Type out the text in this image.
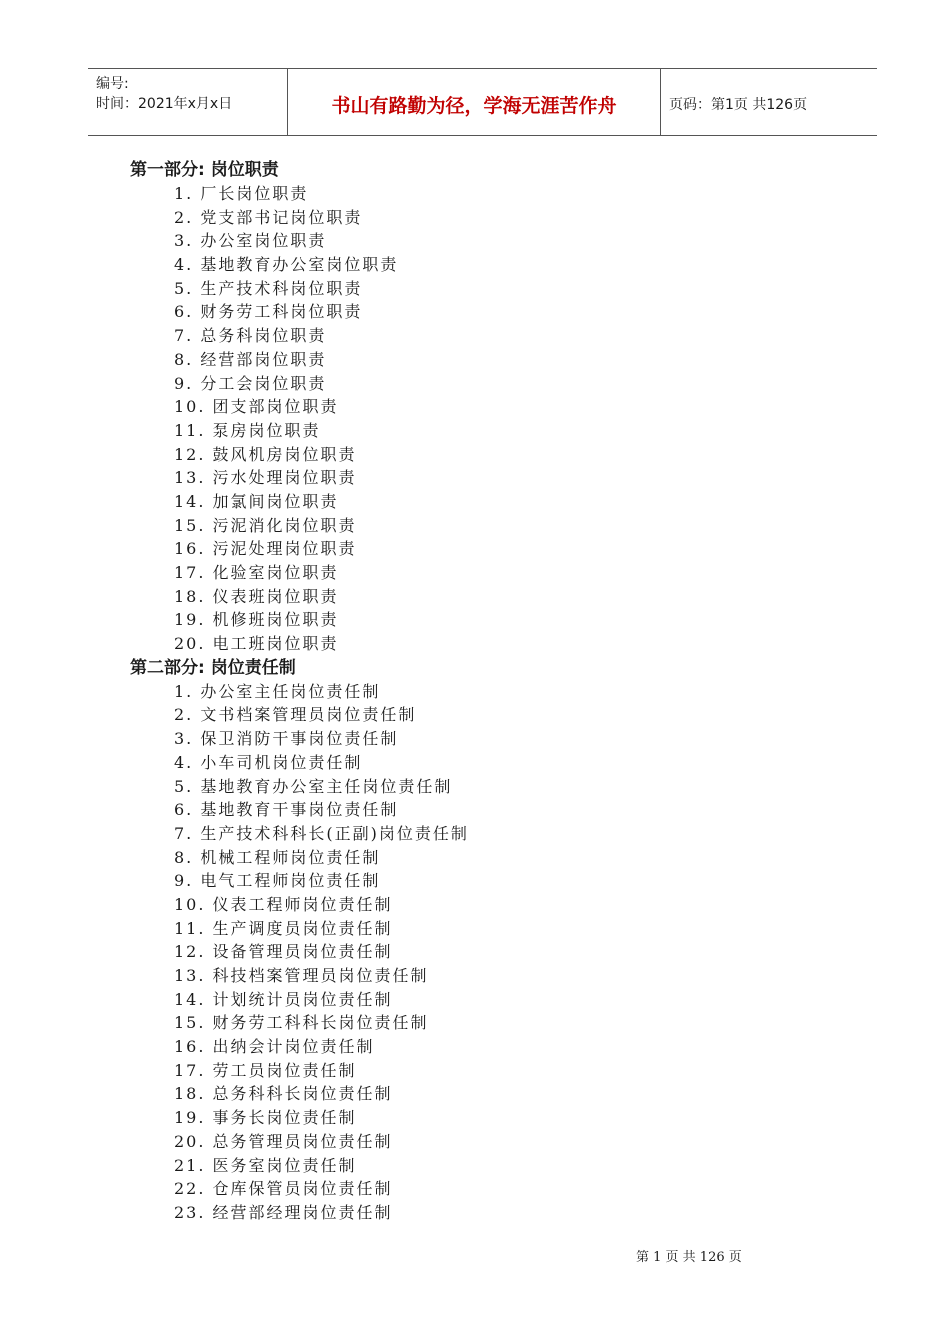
编号:
时间：2021年x月x日	书山有路勤为径，学海无涯苦作舟	页码：第1页 共126页
第一部分: 岗位职责
1. 厂长岗位职责
2. 党支部书记岗位职责
3. 办公室岗位职责
4. 基地教育办公室岗位职责
5. 生产技术科岗位职责
6. 财务劳工科岗位职责
7. 总务科岗位职责
8. 经营部岗位职责
9. 分工会岗位职责
10. 团支部岗位职责
11. 泵房岗位职责
12. 鼓风机房岗位职责
13. 污水处理岗位职责
14. 加氯间岗位职责
15. 污泥消化岗位职责
16. 污泥处理岗位职责
17. 化验室岗位职责
18. 仪表班岗位职责
19. 机修班岗位职责
20. 电工班岗位职责
第二部分: 岗位责任制
1. 办公室主任岗位责任制
2. 文书档案管理员岗位责任制
3. 保卫消防干事岗位责任制
4. 小车司机岗位责任制
5. 基地教育办公室主任岗位责任制
6. 基地教育干事岗位责任制
7. 生产技术科科长(正副)岗位责任制
8. 机械工程师岗位责任制
9. 电气工程师岗位责任制
10. 仪表工程师岗位责任制
11. 生产调度员岗位责任制
12. 设备管理员岗位责任制
13. 科技档案管理员岗位责任制
14. 计划统计员岗位责任制
15. 财务劳工科科长岗位责任制
16. 出纳会计岗位责任制
17. 劳工员岗位责任制
18. 总务科科长岗位责任制
19. 事务长岗位责任制
20. 总务管理员岗位责任制
21. 医务室岗位责任制
22. 仓库保管员岗位责任制
23. 经营部经理岗位责任制
第 1 页 共 126 页
